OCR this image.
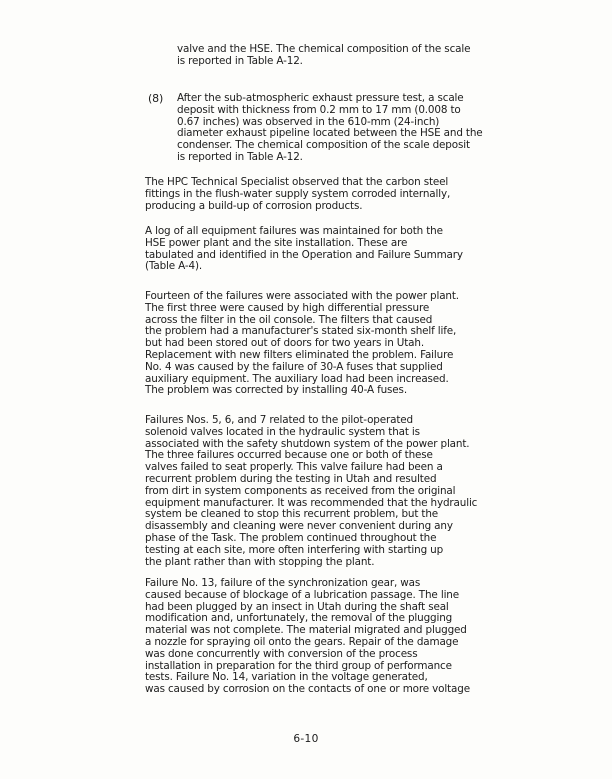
valve and the HSE. The chemical composition of the scale
is reported in Table A-12.
(8) After the sub-atmospheric exhaust pressure test, a scale
deposit with thickness from 0.2 mm to 17 mm (0.008 to
0.67 inches) was observed in the 610-mm (24-inch)
diameter exhaust pipeline located between the HSE and the
condenser. The chemical composition of the scale deposit
is reported in Table A-12.
The HPC Technical Specialist observed that the carbon steel
fittings in the flush-water supply system corroded internally,
producing a build-up of corrosion products.
A log of all equipment failures was maintained for both the
HSE power plant and the site installation. These are
tabulated and identified in the Operation and Failure Summary
(Table A-4).
Fourteen of the failures were associated with the power plant.
The first three were caused by high differential pressure
across the filter in the oil console. The filters that caused
the problem had a manufacturer's stated six-month shelf life,
but had been stored out of doors for two years in Utah.
Replacement with new filters eliminated the problem. Failure
No. 4 was caused by the failure of 30-A fuses that supplied
auxiliary equipment. The auxiliary load had been increased.
The problem was corrected by installing 40-A fuses.
Failures Nos. 5, 6, and 7 related to the pilot-operated
solenoid valves located in the hydraulic system that is
associated with the safety shutdown system of the power plant.
The three failures occurred because one or both of these
valves failed to seat properly. This valve failure had been a
recurrent problem during the testing in Utah and resulted
from dirt in system components as received from the original
equipment manufacturer. It was recommended that the hydraulic
system be cleaned to stop this recurrent problem, but the
disassembly and cleaning were never convenient during any
phase of the Task. The problem continued throughout the
testing at each site, more often interfering with starting up
the plant rather than with stopping the plant.
Failure No. 13, failure of the synchronization gear, was
caused because of blockage of a lubrication passage. The line
had been plugged by an insect in Utah during the shaft seal
modification and, unfortunately, the removal of the plugging
material was not complete. The material migrated and plugged
a nozzle for spraying oil onto the gears. Repair of the damage
was done concurrently with conversion of the process
installation in preparation for the third group of performance
tests. Failure No. 14, variation in the voltage generated,
was caused by corrosion on the contacts of one or more voltage
6-10
